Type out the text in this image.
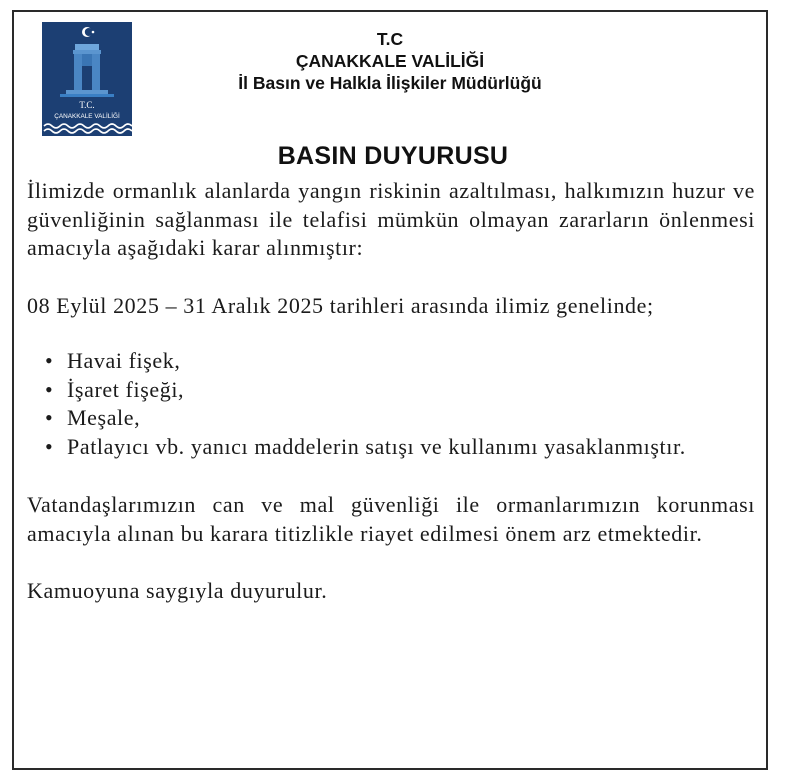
T.C.
ÇANAKKALE VALİLİĞİ
T.C
ÇANAKKALE VALİLİĞİ
İl Basın ve Halkla İlişkiler Müdürlüğü
BASIN DUYURUSU

İlimizde ormanlık alanlarda yangın riskinin azaltılması, halkımızın huzur ve güvenliğinin sağlanması ile telafisi mümkün olmayan zararların önlenmesi amacıyla aşağıdaki karar alınmıştır:

08 Eylül 2025 – 31 Aralık 2025 tarihleri arasında ilimiz genelinde;

• Havai fişek,
• İşaret fişeği,
• Meşale,
• Patlayıcı vb. yanıcı maddelerin satışı ve kullanımı yasaklanmıştır.

Vatandaşlarımızın can ve mal güvenliği ile ormanlarımızın korunması amacıyla alınan bu karara titizlikle riayet edilmesi önem arz etmektedir.

Kamuoyuna saygıyla duyurulur.
